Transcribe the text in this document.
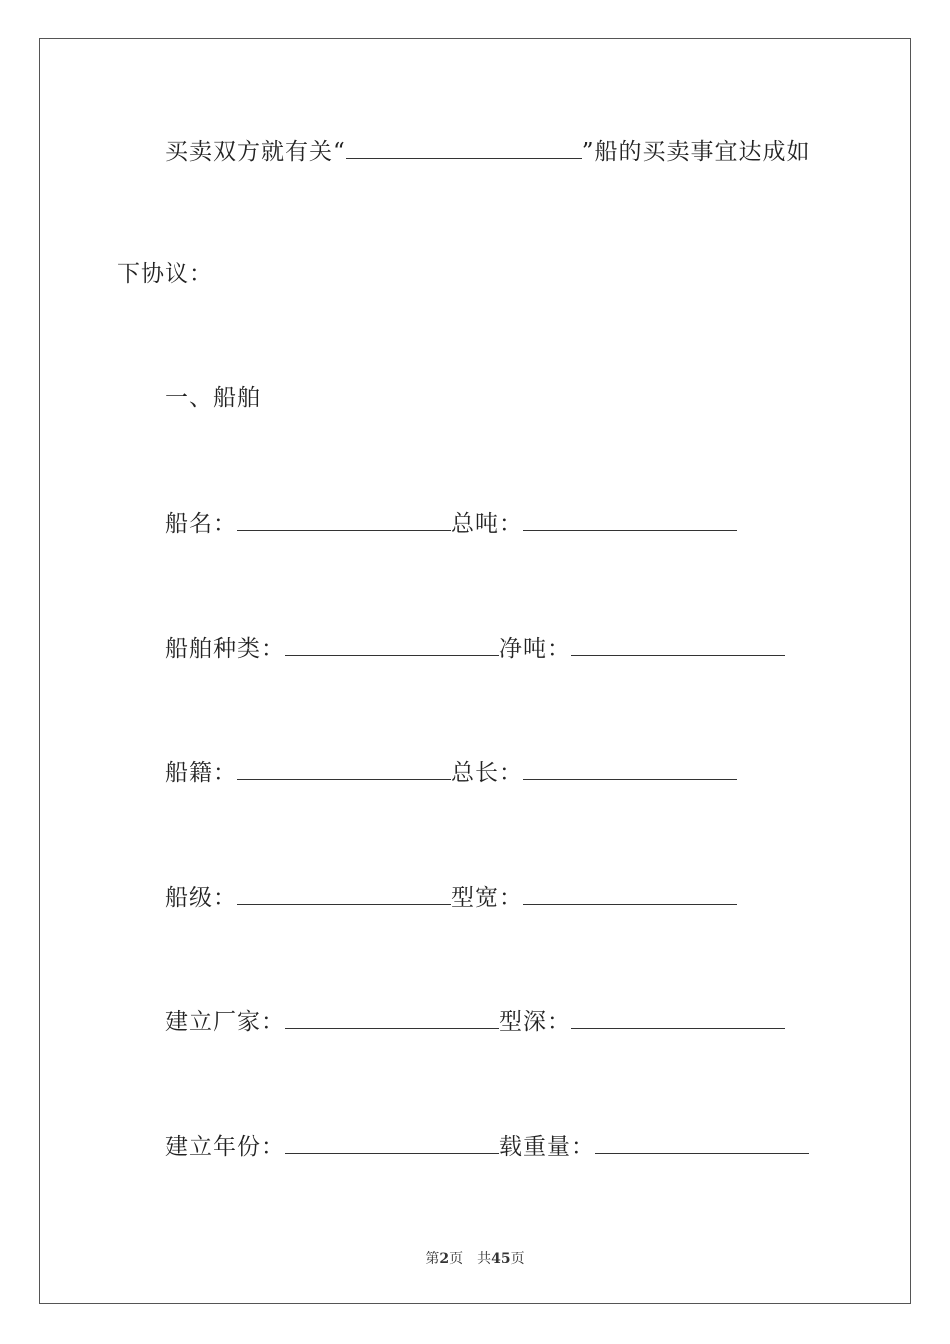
买卖双方就有关“	”船的买卖事宜达成如
下协议：
一、船舶
船名：	总吨：
船舶种类：	净吨：
船籍：	总长：
船级：	型宽：
建立厂家：	型深：
建立年份：	载重量：
第2页 共45页
